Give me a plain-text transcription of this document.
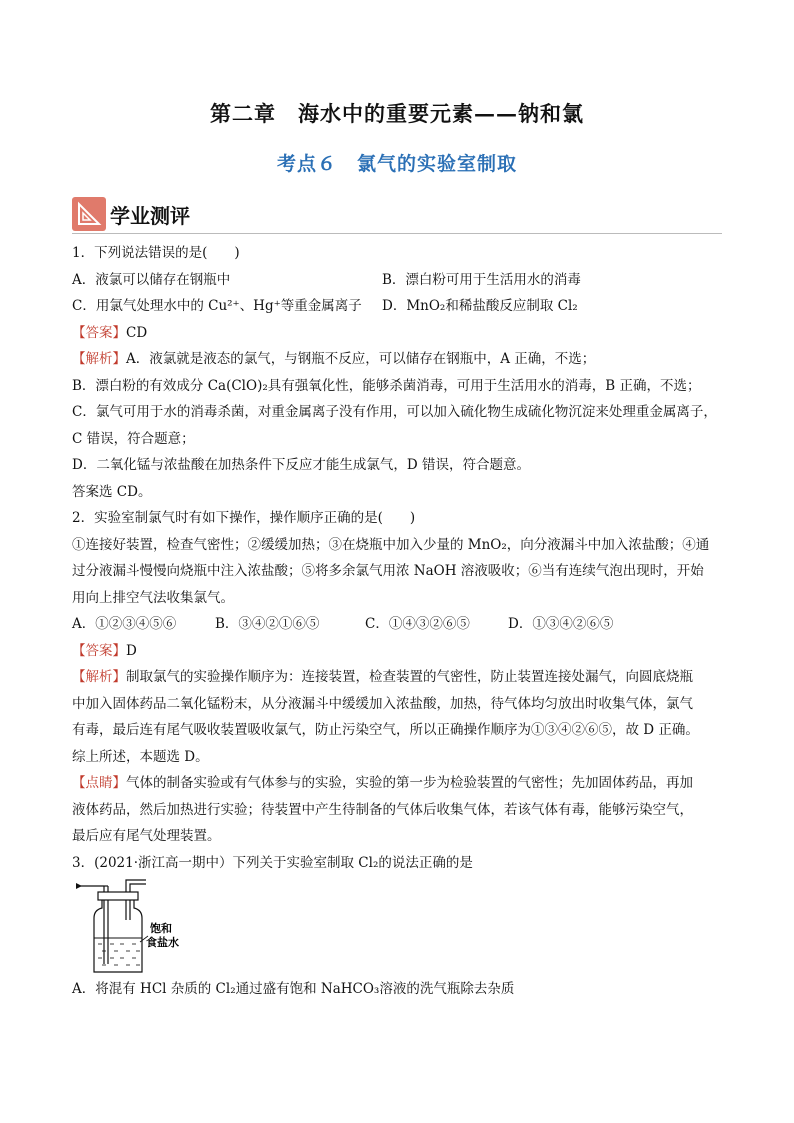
第二章　海水中的重要元素——钠和氯
考点６　氯气的实验室制取
学业测评

1．下列说法错误的是(　　)

A．液氯可以储存在钢瓶中	B．漂白粉可用于生活用水的消毒
C．用氯气处理水中的 Cu²⁺、Hg⁺等重金属离子	D．MnO₂和稀盐酸反应制取 Cl₂

【答案】CD

【解析】A．液氯就是液态的氯气，与钢瓶不反应，可以储存在钢瓶中，A 正确，不选；

B．漂白粉的有效成分 Ca(ClO)₂具有强氧化性，能够杀菌消毒，可用于生活用水的消毒，B 正确，不选；

C．氯气可用于水的消毒杀菌，对重金属离子没有作用，可以加入硫化物生成硫化物沉淀来处理重金属离子，

C 错误，符合题意；

D．二氧化锰与浓盐酸在加热条件下反应才能生成氯气，D 错误，符合题意。

答案选 CD。

2．实验室制氯气时有如下操作，操作顺序正确的是(　　)

①连接好装置，检查气密性；②缓缓加热；③在烧瓶中加入少量的 MnO₂，向分液漏斗中加入浓盐酸；④通

过分液漏斗慢慢向烧瓶中注入浓盐酸；⑤将多余氯气用浓 NaOH 溶液吸收；⑥当有连续气泡出现时，开始

用向上排空气法收集氯气。

A．①②③④⑤⑥	B．③④②①⑥⑤	C．①④③②⑥⑤	D．①③④②⑥⑤

【答案】D

【解析】制取氯气的实验操作顺序为：连接装置，检查装置的气密性，防止装置连接处漏气，向圆底烧瓶

中加入固体药品二氧化锰粉末，从分液漏斗中缓缓加入浓盐酸，加热，待气体均匀放出时收集气体，氯气

有毒，最后连有尾气吸收装置吸收氯气，防止污染空气，所以正确操作顺序为①③④②⑥⑤，故 D 正确。

综上所述，本题选 D。

【点睛】气体的制备实验或有气体参与的实验，实验的第一步为检验装置的气密性；先加固体药品，再加

液体药品，然后加热进行实验；待装置中产生待制备的气体后收集气体，若该气体有毒，能够污染空气，

最后应有尾气处理装置。

3．(2021·浙江高一期中）下列关于实验室制取 Cl₂的说法正确的是

饱和
食盐水

A．将混有 HCl 杂质的 Cl₂通过盛有饱和 NaHCO₃溶液的洗气瓶除去杂质
